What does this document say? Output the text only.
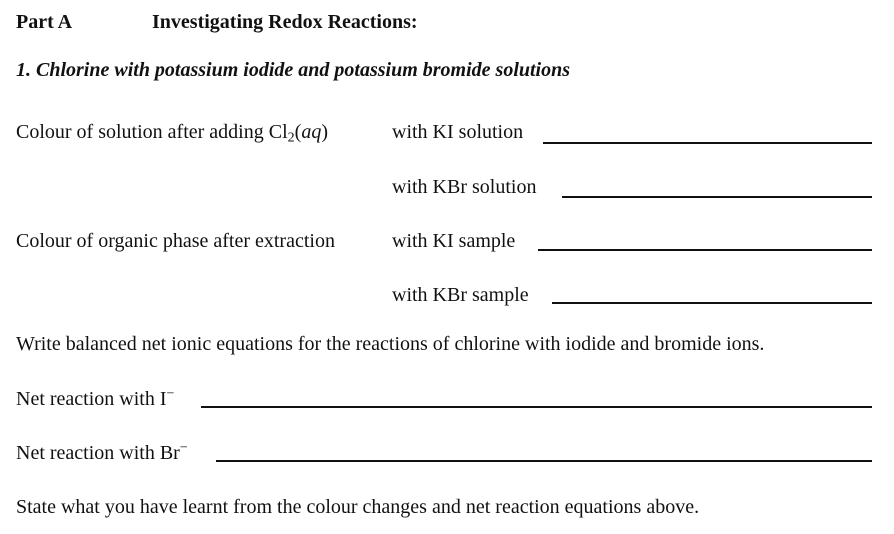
Part A	Investigating Redox Reactions:
1. Chlorine with potassium iodide and potassium bromide solutions
Colour of solution after adding $Cl_2(aq)$	with KI solution
with KBr solution
Colour of organic phase after extraction	with KI sample
with KBr sample
Write balanced net ionic equations for the reactions of chlorine with iodide and bromide ions.
Net reaction with I−
Net reaction with Br−
State what you have learnt from the colour changes and net reaction equations above.
